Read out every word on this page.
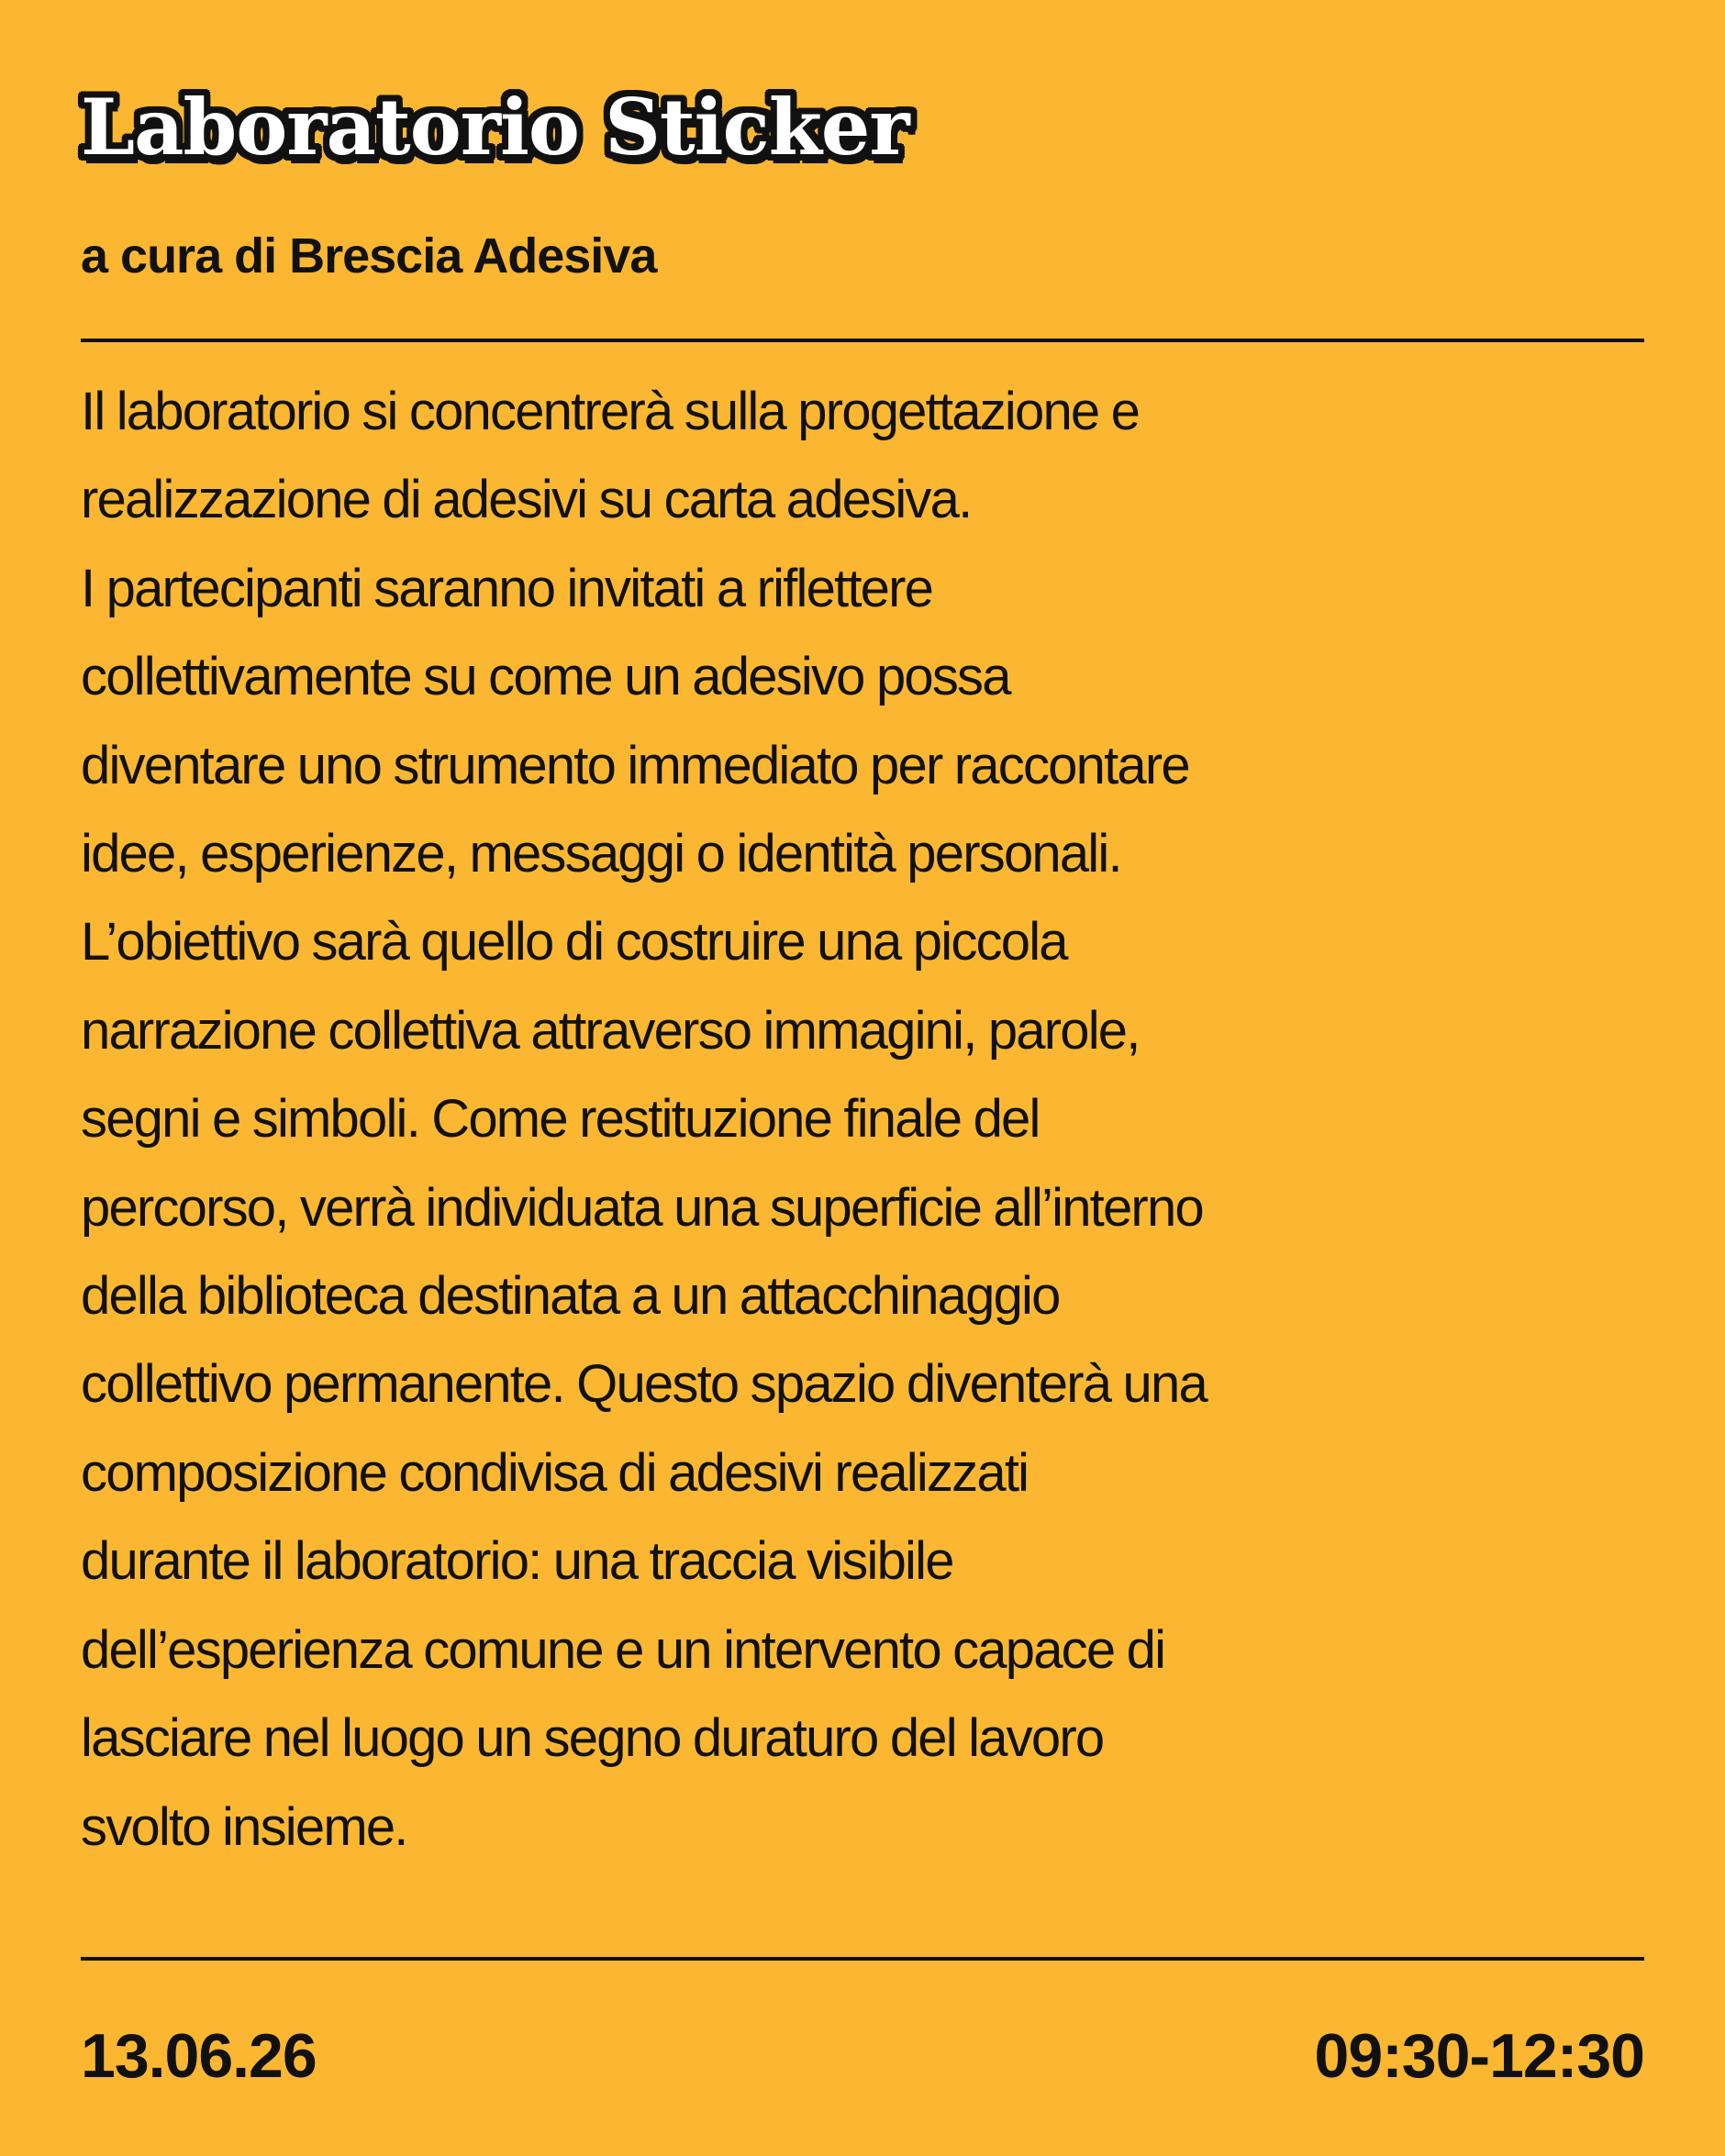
Laboratorio Sticker
a cura di Brescia Adesiva

Il laboratorio si concentrerà sulla progettazione e
realizzazione di adesivi su carta adesiva.
I partecipanti saranno invitati a riflettere
collettivamente su come un adesivo possa
diventare uno strumento immediato per raccontare
idee, esperienze, messaggi o identità personali.
L’obiettivo sarà quello di costruire una piccola
narrazione collettiva attraverso immagini, parole,
segni e simboli. Come restituzione finale del
percorso, verrà individuata una superficie all’interno
della biblioteca destinata a un attacchinaggio
collettivo permanente. Questo spazio diventerà una
composizione condivisa di adesivi realizzati
durante il laboratorio: una traccia visibile
dell’esperienza comune e un intervento capace di
lasciare nel luogo un segno duraturo del lavoro
svolto insieme.

13.06.26	09:30-12:30
